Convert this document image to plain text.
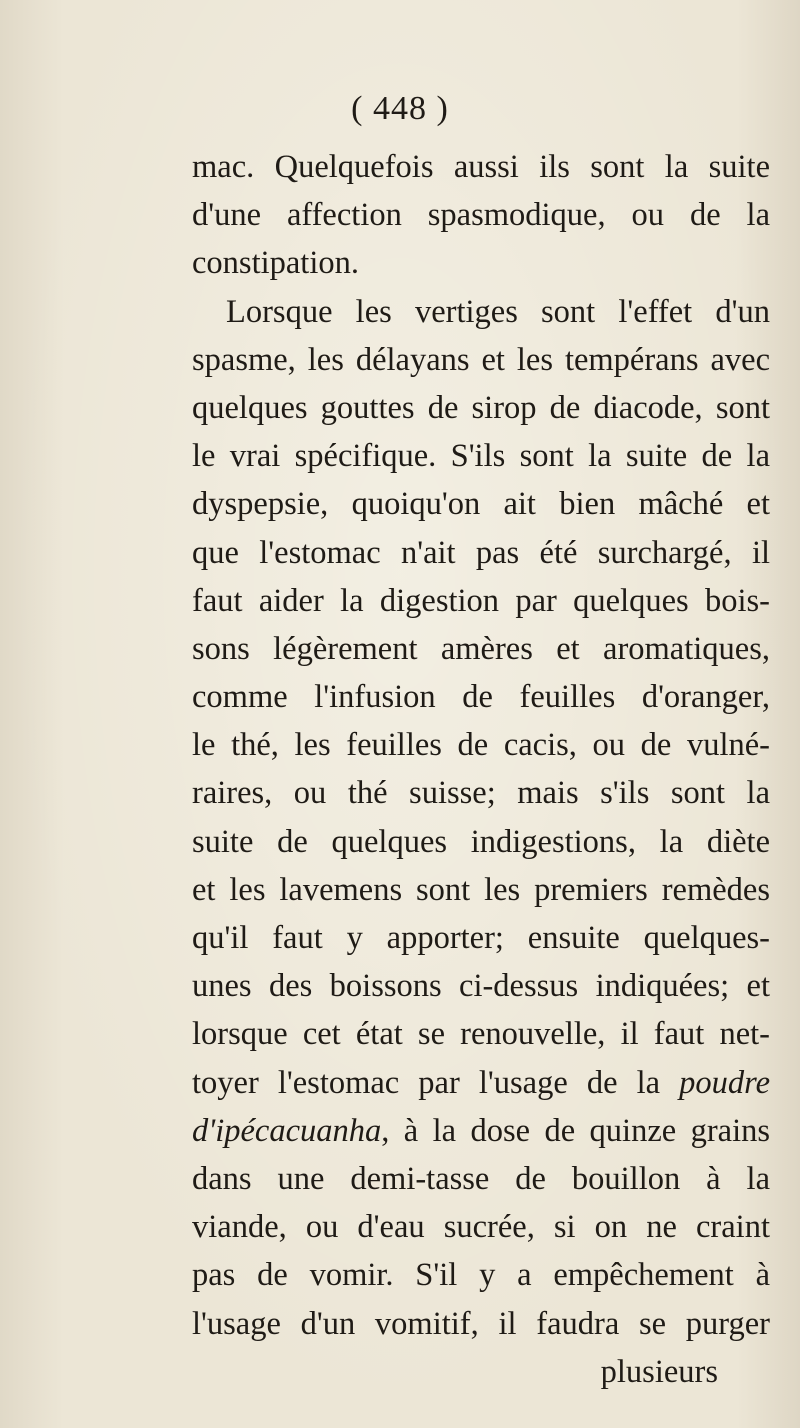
( 448 )
mac. Quelquefois aussi ils sont la suite
d'une affection spasmodique, ou de la
constipation.
Lorsque les vertiges sont l'effet d'un
spasme, les délayans et les tempérans avec
quelques gouttes de sirop de diacode, sont
le vrai spécifique. S'ils sont la suite de la
dyspepsie, quoiqu'on ait bien mâché et
que l'estomac n'ait pas été surchargé, il
faut aider la digestion par quelques bois-
sons légèrement amères et aromatiques,
comme l'infusion de feuilles d'oranger,
le thé, les feuilles de cacis, ou de vulné-
raires, ou thé suisse; mais s'ils sont la
suite de quelques indigestions, la diète
et les lavemens sont les premiers remèdes
qu'il faut y apporter; ensuite quelques-
unes des boissons ci-dessus indiquées; et
lorsque cet état se renouvelle, il faut net-
toyer l'estomac par l'usage de la poudre
d'ipécacuanha, à la dose de quinze grains
dans une demi-tasse de bouillon à la
viande, ou d'eau sucrée, si on ne craint
pas de vomir. S'il y a empêchement à
l'usage d'un vomitif, il faudra se purger
plusieurs
